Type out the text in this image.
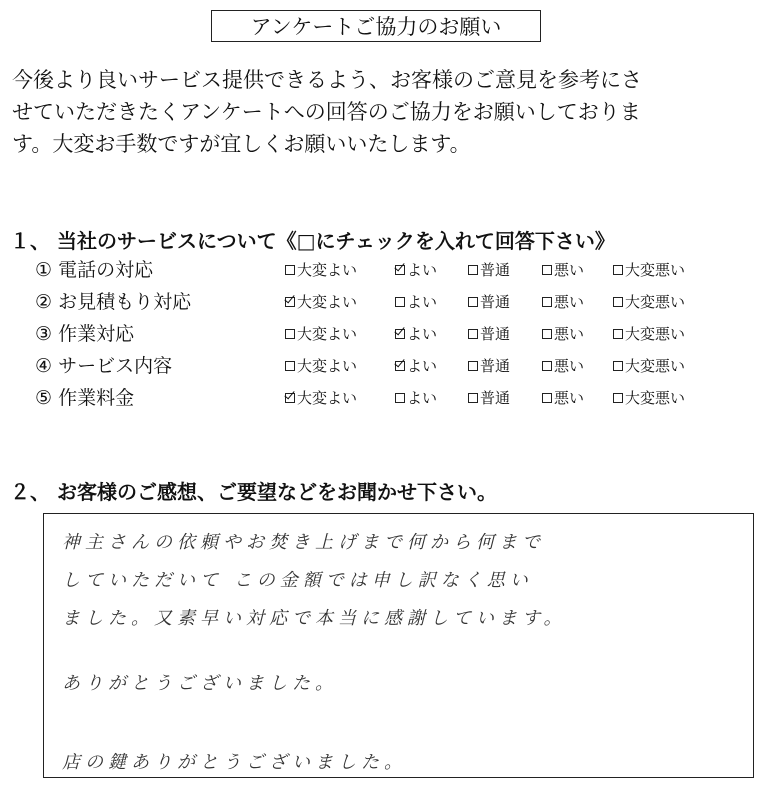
アンケートご協力のお願い
今後より良いサービス提供できるよう、お客様のご意見を参考にさ
せていただきたくアンケートへの回答のご協力をお願いしておりま
す。大変お手数ですが宜しくお願いいたします。
１、 当社のサービスについて《□にチェックを入れて回答下さい》
① 電話の対応	大変よい	よい	普通	悪い	大変悪い
② お見積もり対応	大変よい	よい	普通	悪い	大変悪い
③ 作業対応	大変よい	よい	普通	悪い	大変悪い
④ サービス内容	大変よい	よい	普通	悪い	大変悪い
⑤ 作業料金	大変よい	よい	普通	悪い	大変悪い
２、 お客様のご感想、ご要望などをお聞かせ下さい。
神主さんの依頼やお焚き上げまで何から何まで
していただいて この金額では申し訳なく思い
ました。又素早い対応で本当に感謝しています。
ありがとうございました。
店の鍵ありがとうございました。
